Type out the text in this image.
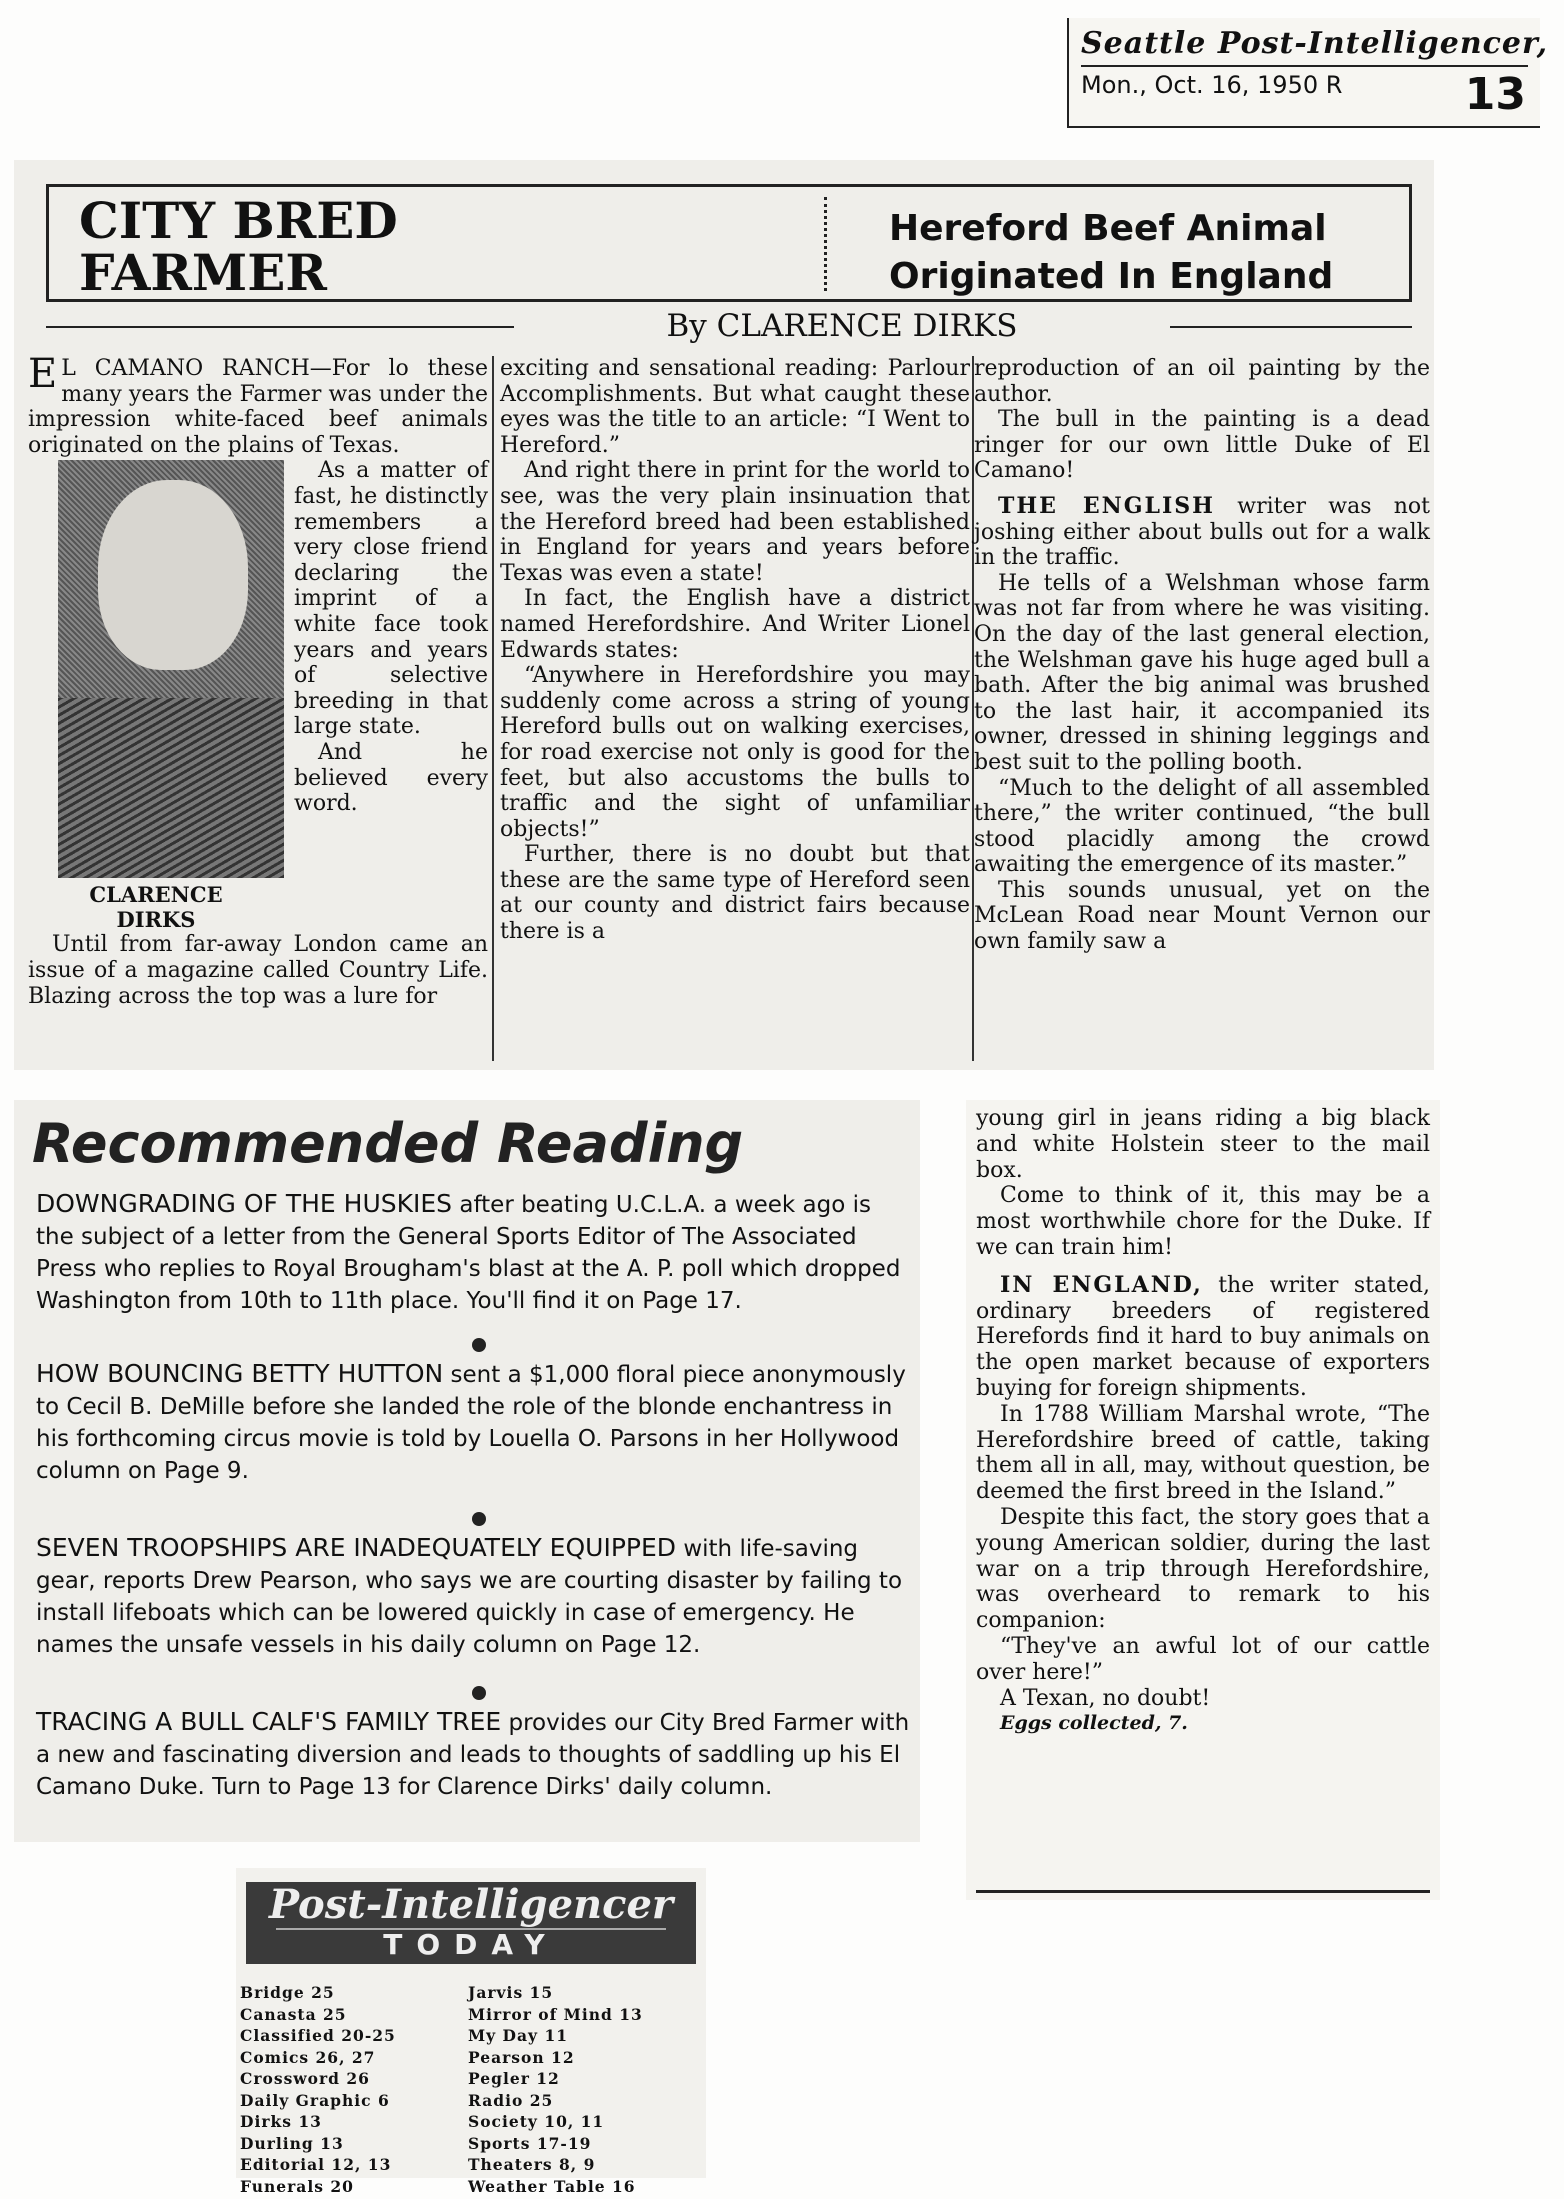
Seattle Post-Intelligencer,
Mon., Oct. 16, 1950 R	13
CITY BRED
FARMER
Hereford Beef Animal
Originated In England
By CLARENCE DIRKS

E L CAMANO RANCH—For lo these many years the Farmer was under the impression white-faced beef animals originated on the plains of Texas.

As a matter of fast, he distinctly remembers a very close friend declaring the imprint of a white face took years and years of selective breeding in that large state.

CLARENCE
DIRKS

And he believed every word.

Until from far-away London came an issue of a magazine called Country Life. Blazing across the top was a lure for

exciting and sensational reading: Parlour Accomplishments. But what caught these eyes was the title to an article: “I Went to Hereford.”

And right there in print for the world to see, was the very plain insinuation that the Hereford breed had been established in England for years and years before Texas was even a state!

In fact, the English have a district named Herefordshire. And Writer Lionel Edwards states:

“Anywhere in Herefordshire you may suddenly come across a string of young Hereford bulls out on walking exercises, for road exercise not only is good for the feet, but also accustoms the bulls to traffic and the sight of unfamiliar objects!”

Further, there is no doubt but that these are the same type of Hereford seen at our county and district fairs because there is a

reproduction of an oil painting by the author.

The bull in the painting is a dead ringer for our own little Duke of El Camano!

THE ENGLISH writer was not joshing either about bulls out for a walk in the traffic.

He tells of a Welshman whose farm was not far from where he was visiting. On the day of the last general election, the Welshman gave his huge aged bull a bath. After the big animal was brushed to the last hair, it accompanied its owner, dressed in shining leggings and best suit to the polling booth.

“Much to the delight of all assembled there,” the writer continued, “the bull stood placidly among the crowd awaiting the emergence of its master.”

This sounds unusual, yet on the McLean Road near Mount Vernon our own family saw a

Recommended Reading
DOWNGRADING OF THE HUSKIES after beating U.C.L.A. a week ago is the subject of a letter from the General Sports Editor of The Associated Press who replies to Royal Brougham's blast at the A. P. poll which dropped Washington from 10th to 11th place. You'll find it on Page 17.
HOW BOUNCING BETTY HUTTON sent a $1,000 floral piece anonymously to Cecil B. DeMille before she landed the role of the blonde enchantress in his forthcoming circus movie is told by Louella O. Parsons in her Hollywood column on Page 9.
SEVEN TROOPSHIPS ARE INADEQUATELY EQUIPPED with life-saving gear, reports Drew Pearson, who says we are courting disaster by failing to install lifeboats which can be lowered quickly in case of emergency. He names the unsafe vessels in his daily column on Page 12.
TRACING A BULL CALF'S FAMILY TREE provides our City Bred Farmer with a new and fascinating diversion and leads to thoughts of saddling up his El Camano Duke. Turn to Page 13 for Clarence Dirks' daily column.

young girl in jeans riding a big black and white Holstein steer to the mail box.

Come to think of it, this may be a most worthwhile chore for the Duke. If we can train him!

IN ENGLAND, the writer stated, ordinary breeders of registered Herefords find it hard to buy animals on the open market because of exporters buying for foreign shipments.

In 1788 William Marshal wrote, “The Herefordshire breed of cattle, taking them all in all, may, without question, be deemed the first breed in the Island.”

Despite this fact, the story goes that a young American soldier, during the last war on a trip through Herefordshire, was overheard to remark to his companion:

“They've an awful lot of our cattle over here!”

A Texan, no doubt!

Eggs collected, 7.

Post-Intelligencer
TODAY
Bridge 25
Canasta 25
Classified 20-25
Comics 26, 27
Crossword 26
Daily Graphic 6
Dirks 13
Durling 13
Editorial 12, 13
Funerals 20
Jarvis 15
Mirror of Mind 13
My Day 11
Pearson 12
Pegler 12
Radio 25
Society 10, 11
Sports 17-19
Theaters 8, 9
Weather Table 16
